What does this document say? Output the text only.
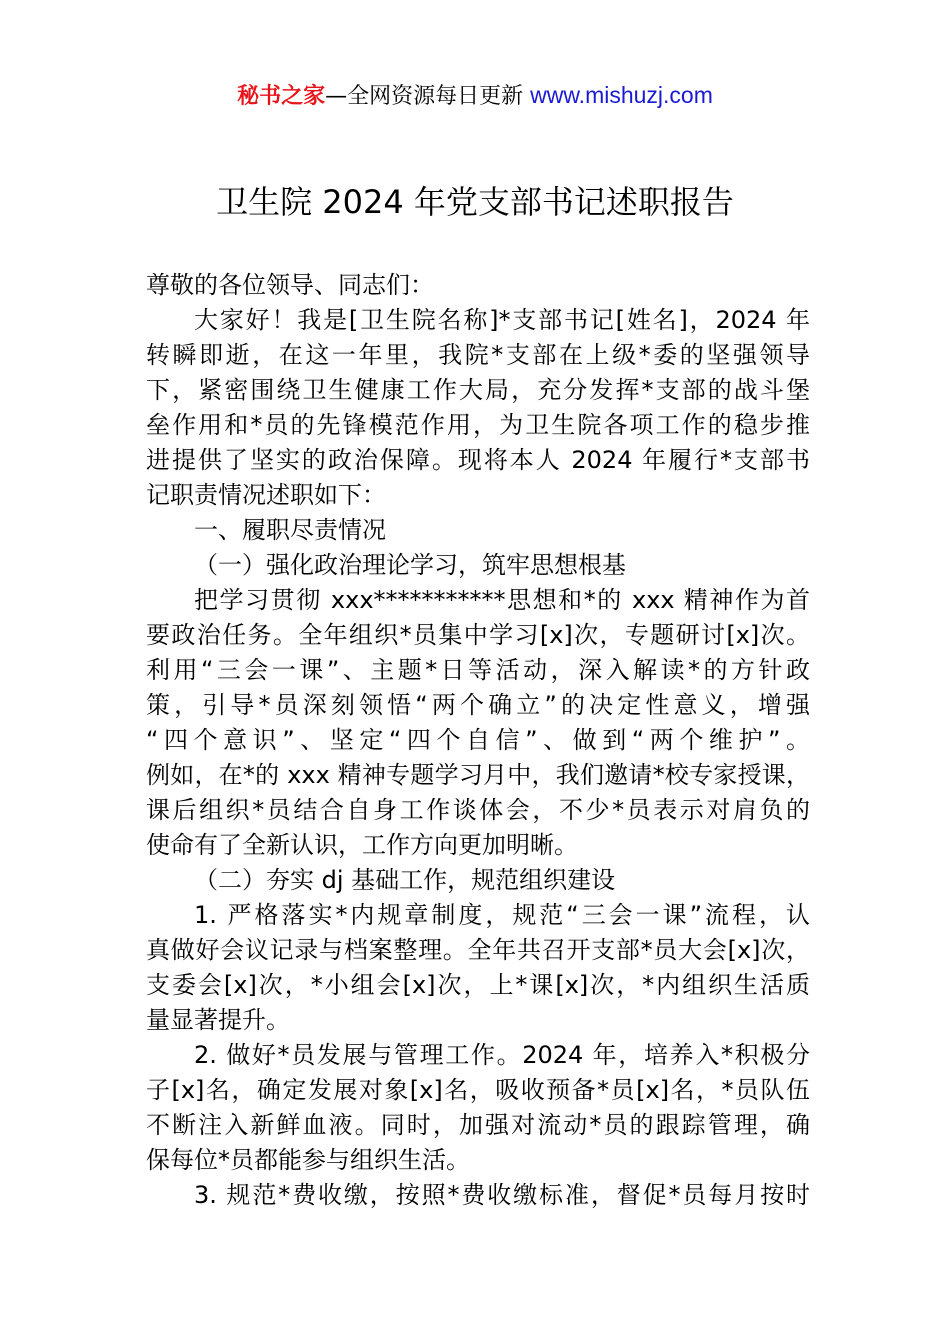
秘书之家—全网资源每日更新 www.mishuzj.com
卫生院 2024 年党支部书记述职报告
尊敬的各位领导、同志们：
大家好！我是[卫生院名称]*支部书记[姓名]，2024 年
转瞬即逝，在这一年里，我院*支部在上级*委的坚强领导
下，紧密围绕卫生健康工作大局，充分发挥*支部的战斗堡
垒作用和*员的先锋模范作用，为卫生院各项工作的稳步推
进提供了坚实的政治保障。现将本人 2024 年履行*支部书
记职责情况述职如下：
一、履职尽责情况
（一）强化政治理论学习，筑牢思想根基
把学习贯彻 xxx***********思想和*的 xxx 精神作为首
要政治任务。全年组织*员集中学习[x]次，专题研讨[x]次。
利用“三会一课”、主题*日等活动，深入解读*的方针政
策，引导*员深刻领悟“两个确立”的决定性意义，增强
“四个意识”、坚定“四个自信”、做到“两个维护”。
例如，在*的 xxx 精神专题学习月中，我们邀请*校专家授课，
课后组织*员结合自身工作谈体会，不少*员表示对肩负的
使命有了全新认识，工作方向更加明晰。
（二）夯实 dj 基础工作，规范组织建设
1. 严格落实*内规章制度，规范“三会一课”流程，认
真做好会议记录与档案整理。全年共召开支部*员大会[x]次，
支委会[x]次，*小组会[x]次，上*课[x]次，*内组织生活质
量显著提升。
2. 做好*员发展与管理工作。2024 年，培养入*积极分
子[x]名，确定发展对象[x]名，吸收预备*员[x]名，*员队伍
不断注入新鲜血液。同时，加强对流动*员的跟踪管理，确
保每位*员都能参与组织生活。
3. 规范*费收缴，按照*费收缴标准，督促*员每月按时
